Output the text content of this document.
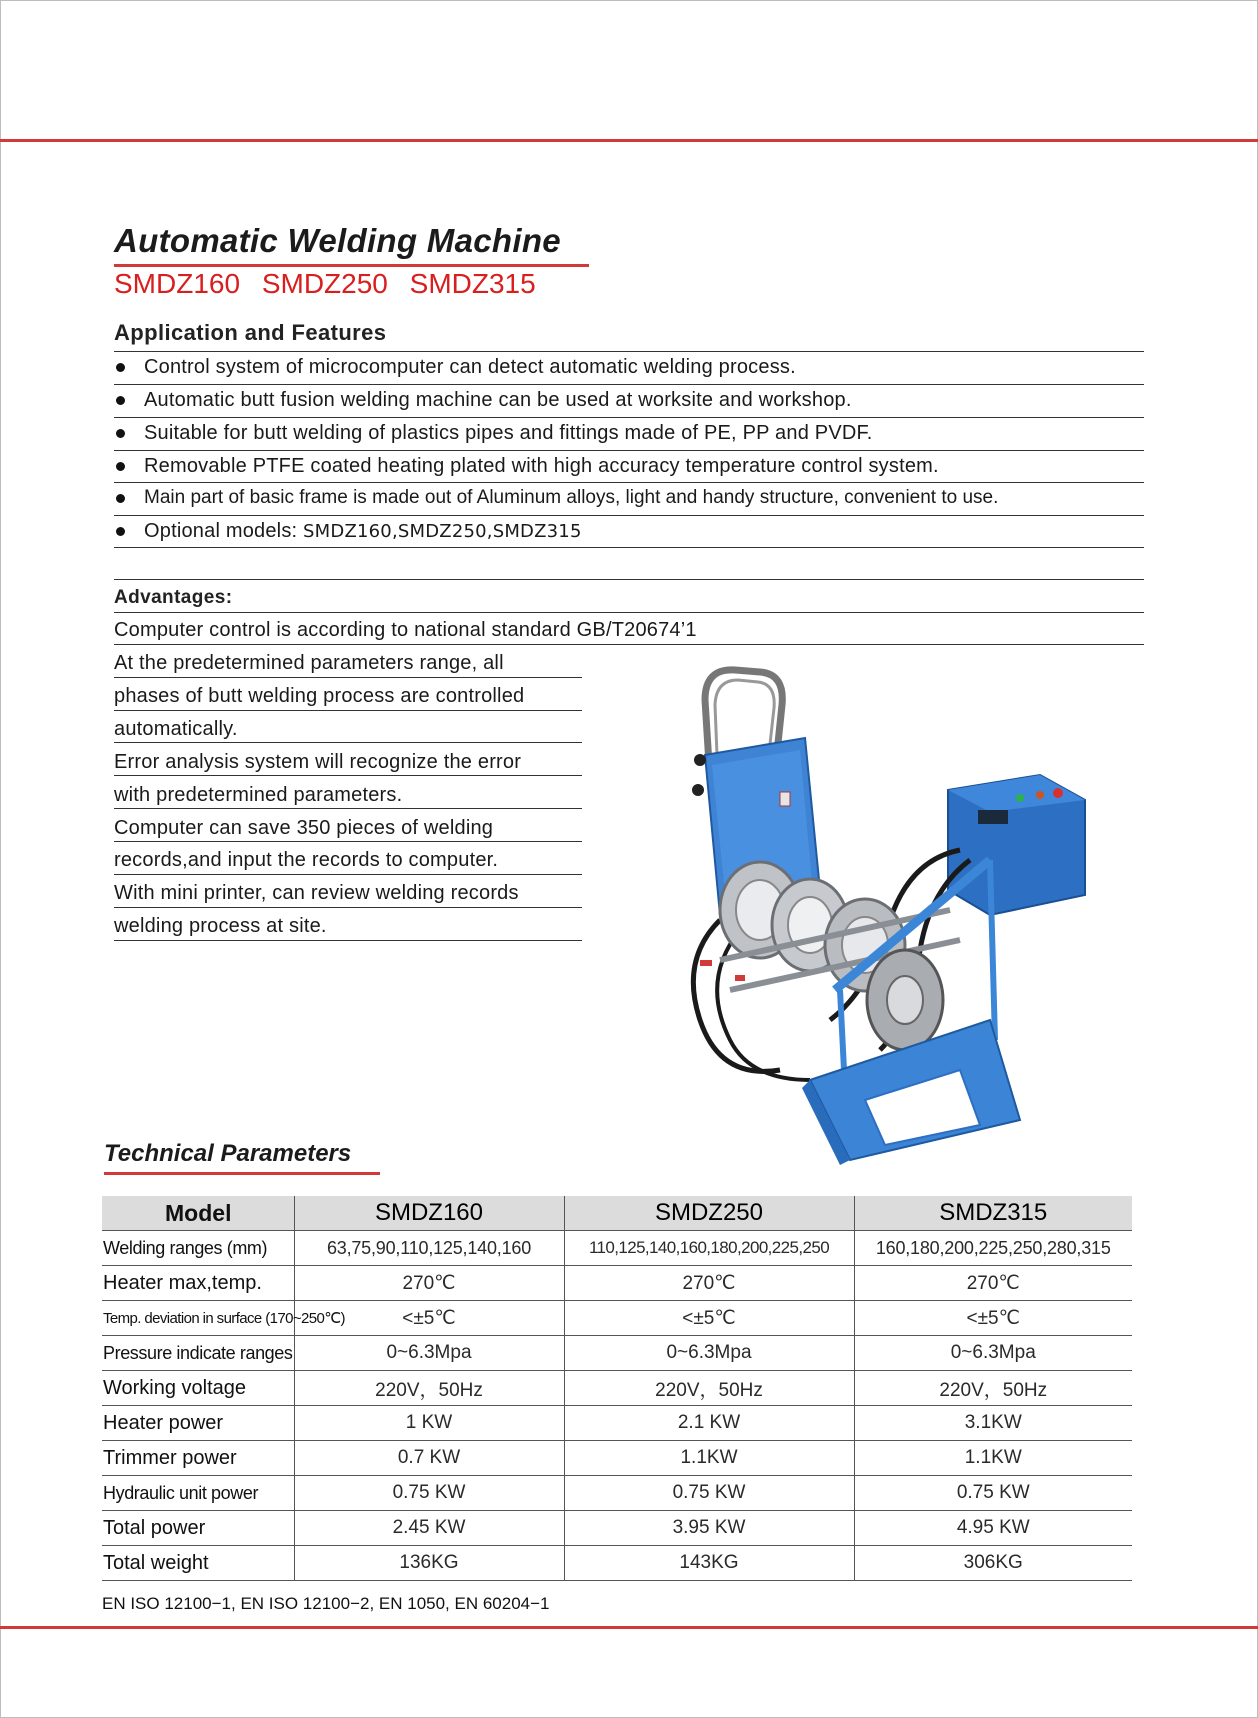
Automatic Welding Machine
SMDZ160 SMDZ250 SMDZ315
Application and Features
Control system of microcomputer can detect automatic welding process.
Automatic butt fusion welding machine can be used at worksite and workshop.
Suitable for butt welding of plastics pipes and fittings made of PE, PP and PVDF.
Removable PTFE coated heating plated with high accuracy temperature control system.
Main part of basic frame is made out of Aluminum alloys, light and handy structure, convenient to use.
Optional models: SMDZ160,SMDZ250,SMDZ315
Advantages:
Computer control is according to national standard GB/T20674’1
At the predetermined parameters range, all
phases of butt welding process are controlled
automatically.
Error analysis system will recognize the error
with predetermined parameters.
Computer can save 350 pieces of welding
records,and input the records to computer.
With mini printer, can review welding records
welding process at site.
Technical Parameters
Model	SMDZ160	SMDZ250	SMDZ315
Welding ranges (mm)	63,75,90,110,125,140,160	110,125,140,160,180,200,225,250	160,180,200,225,250,280,315
Heater max,temp.	270℃	270℃	270℃
Temp. deviation in surface (170~250℃)	<±5℃	<±5℃	<±5℃
Pressure indicate ranges	0~6.3Mpa	0~6.3Mpa	0~6.3Mpa
Working voltage	220V，50Hz	220V，50Hz	220V，50Hz
Heater power	1 KW	2.1 KW	3.1KW
Trimmer power	0.7 KW	1.1KW	1.1KW
Hydraulic unit power	0.75 KW	0.75 KW	0.75 KW
Total power	2.45 KW	3.95 KW	4.95 KW
Total weight	136KG	143KG	306KG
EN ISO 12100−1, EN ISO 12100−2, EN 1050, EN 60204−1
